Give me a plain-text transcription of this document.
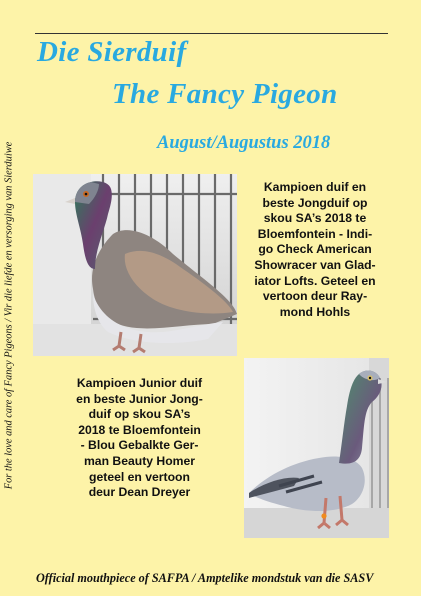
For the love and care of Fancy Pigeons / Vir die liefde en versorging van Sierduiwe
Die Sierduif
The Fancy Pigeon
August/Augustus 2018
Kampioen duif en
beste Jongduif op
skou SA’s 2018 te
Bloemfontein - Indi-
go Check American
Showracer van Glad-
iator Lofts. Geteel en
vertoon deur Ray-
mond Hohls
Kampioen Junior duif
en beste Junior Jong-
duif op skou SA’s
2018 te Bloemfontein
- Blou Gebalkte Ger-
man Beauty Homer
geteel en vertoon
deur Dean Dreyer
Official mouthpiece of SAFPA / Amptelike mondstuk van die SASV
